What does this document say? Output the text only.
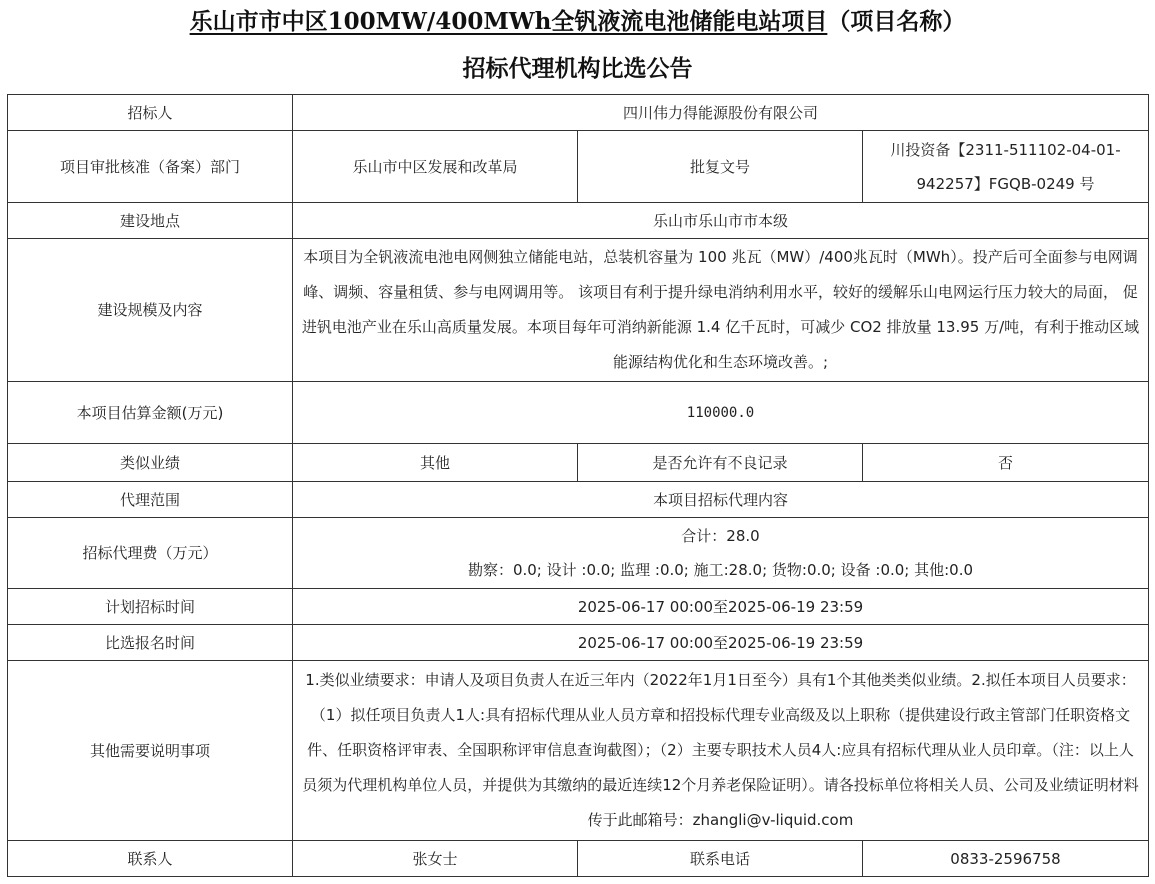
乐山市市中区100MW/400MWh全钒液流电池储能电站项目（项目名称）
招标代理机构比选公告
招标人	四川伟力得能源股份有限公司		
项目审批核准（备案）部门	乐山市中区发展和改革局	批复文号	川投资备【2311-511102-04-01-942257】FGQB-0249 号
建设地点	乐山市乐山市市本级		
建设规模及内容	本项目为全钒液流电池电网侧独立储能电站，总装机容量为 100 兆瓦（MW）/400兆瓦时（MWh）。投产后可全面参与电网调峰、调频、容量租赁、参与电网调用等。 该项目有利于提升绿电消纳利用水平，较好的缓解乐山电网运行压力较大的局面， 促进钒电池产业在乐山高质量发展。本项目每年可消纳新能源 1.4 亿千瓦时，可减少 CO2 排放量 13.95 万/吨，有利于推动区域能源结构优化和生态环境改善。;		
本项目估算金额(万元)	110000.0		
类似业绩	其他	是否允许有不良记录	否
代理范围	本项目招标代理内容		
招标代理费（万元）	合计：28.0
勘察：0.0; 设计 :0.0; 监理 :0.0; 施工:28.0; 货物:0.0; 设备 :0.0; 其他:0.0		

计划招标时间	2025-06-17 00:00至2025-06-19 23:59		
比选报名时间	2025-06-17 00:00至2025-06-19 23:59		
其他需要说明事项	1.类似业绩要求：申请人及项目负责人在近三年内（2022年1月1日至今）具有1个其他类类似业绩。2.拟任本项目人员要求：（1）拟任项目负责人1人:具有招标代理从业人员方章和招投标代理专业高级及以上职称（提供建设行政主管部门任职资格文件、任职资格评审表、全国职称评审信息查询截图）；（2）主要专职技术人员4人:应具有招标代理从业人员印章。（注：以上人员须为代理机构单位人员，并提供为其缴纳的最近连续12个月养老保险证明）。请各投标单位将相关人员、公司及业绩证明材料传于此邮箱号：zhangli@v-liquid.com		
联系人	张女士	联系电话	0833-2596758
